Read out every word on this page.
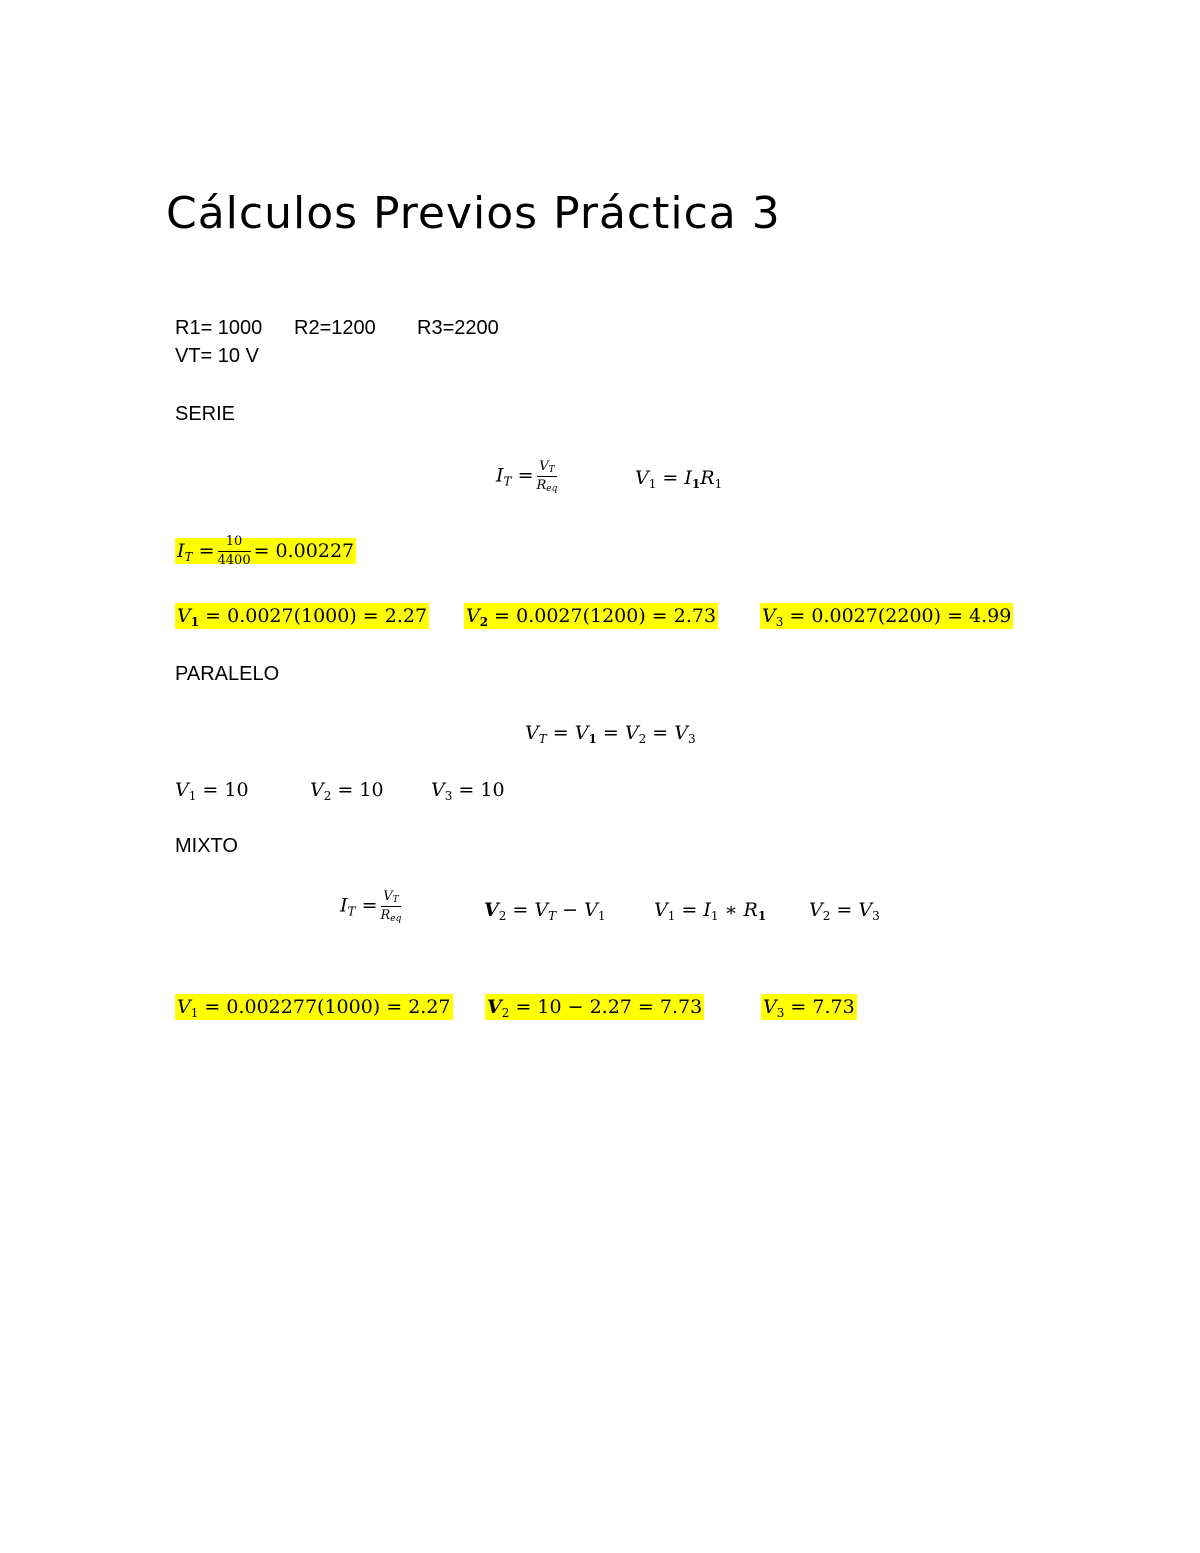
Cálculos Previos Práctica 3
R1= 1000 R2=1200 R3=2200
VT= 10 V
SERIE
$I_T = \frac{V_T}{R_{eq}}$	$V_1 = I_1R_1$
$I_T = \frac{10}{4400} = 0.00227$
$V_1 = 0.0027(1000) = 2.27$ $V_2 = 0.0027(1200) = 2.73$ $V_3 = 0.0027(2200) = 4.99$
PARALELO
$V_T = V_1 = V_2 = V_3$
$V_1 = 10$	$V_2 = 10$ $V_3 = 10$
MIXTO
$I_T = \frac{V_T}{R_{eq}}$	$V_2 = V_T - V_1$	$V_1 = I_1$ ∗ $R_1$ $V_2 = V_3$
$V_1 = 0.002277(1000) = 2.27$ $V_2 = 10 - 2.27 = 7.73$	$V_3 = 7.73$
